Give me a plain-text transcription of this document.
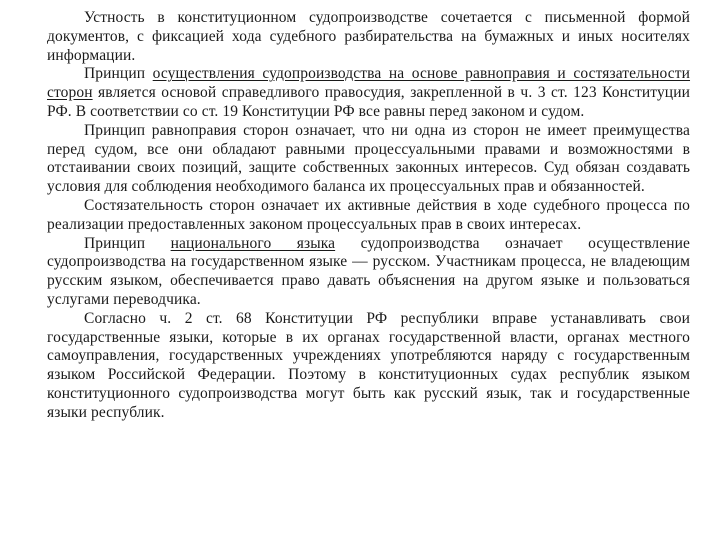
Устность в конституционном судопроизводстве сочетается с письменной формой документов, с фиксацией хода судебного разбирательства на бумажных и иных носителях информации.

Принцип осуществления судопроизводства на основе равноправия и состязательности сторон является основой справедливого правосудия, закрепленной в ч. 3 ст. 123 Конституции РФ. В соответствии со ст. 19 Конституции РФ все равны перед законом и судом.

Принцип равноправия сторон означает, что ни одна из сторон не имеет преимущества перед судом, все они обладают равными процессуальными правами и возможностями в отстаивании своих позиций, защите собственных законных интересов. Суд обязан создавать условия для соблюдения необходимого баланса их процессуальных прав и обязанностей.

Состязательность сторон означает их активные действия в ходе судебного процесса по реализации предоставленных законом процессуальных прав в своих интересах.

Принцип национального языка судопроизводства означает осуществление судопроизводства на государственном языке — русском. Участникам процесса, не владеющим русским языком, обеспечивается право давать объяснения на другом языке и пользоваться услугами переводчика.

Согласно ч. 2 ст. 68 Конституции РФ республики вправе устанавливать свои государственные языки, которые в их органах государственной власти, органах местного самоуправления, государственных учреждениях употребляются наряду с государственным языком Российской Федерации. Поэтому в конституционных судах республик языком конституционного судопроизводства могут быть как русский язык, так и государственные языки республик.
